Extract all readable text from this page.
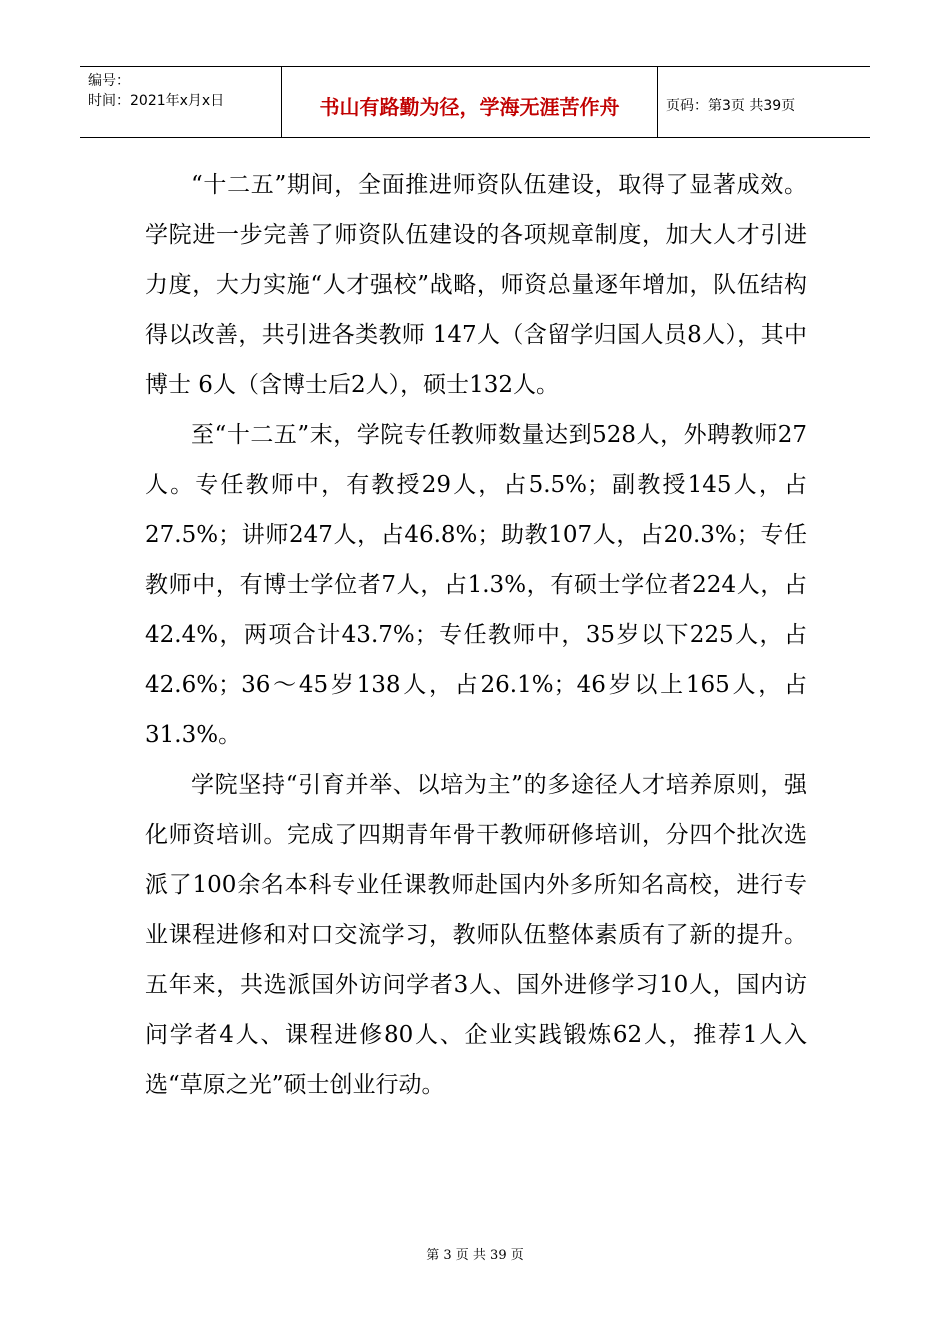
编号：
时间：2021年x月x日	书山有路勤为径，学海无涯苦作舟	页码：第3页 共39页

“十二五”期间，全面推进师资队伍建设，取得了显著成效。学院进一步完善了师资队伍建设的各项规章制度，加大人才引进力度，大力实施“人才强校”战略，师资总量逐年增加，队伍结构得以改善，共引进各类教师 147人（含留学归国人员8人），其中博士 6人（含博士后2人），硕士132人。

至“十二五”末，学院专任教师数量达到528人，外聘教师27人。专任教师中，有教授29人，占5.5%；副教授145人，占27.5%；讲师247人，占46.8%；助教107人，占20.3%；专任教师中，有博士学位者7人，占1.3%，有硕士学位者224人，占42.4%，两项合计43.7%；专任教师中，35岁以下225人，占42.6%；36～45岁138人，占26.1%；46岁以上165人，占31.3%。

学院坚持“引育并举、以培为主”的多途径人才培养原则，强化师资培训。完成了四期青年骨干教师研修培训，分四个批次选派了100余名本科专业任课教师赴国内外多所知名高校，进行专业课程进修和对口交流学习，教师队伍整体素质有了新的提升。五年来，共选派国外访问学者3人、国外进修学习10人，国内访问学者4人、课程进修80人、企业实践锻炼62人，推荐1人入选“草原之光”硕士创业行动。

第 3 页 共 39 页
